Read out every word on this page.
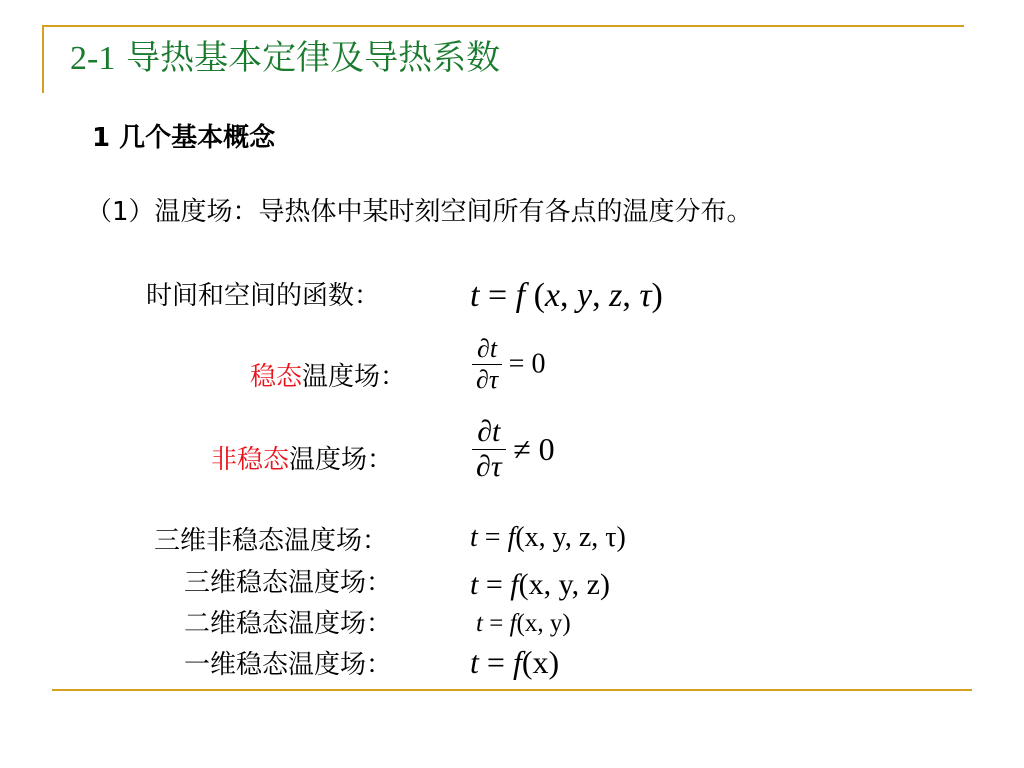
2-1 导热基本定律及导热系数
1 几个基本概念
（1）温度场：导热体中某时刻空间所有各点的温度分布。
时间和空间的函数：	t = f (x, y, z, τ)
稳态温度场：	$\frac{\partial t}{\partial\tau} = 0$
非稳态温度场：	$\frac{\partial t}{\partial\tau} \ne 0$
三维非稳态温度场：	t = f(x, y, z, τ)
三维稳态温度场：	t = f(x, y, z)
二维稳态温度场：	t = f(x, y)
一维稳态温度场： t = f(x)
